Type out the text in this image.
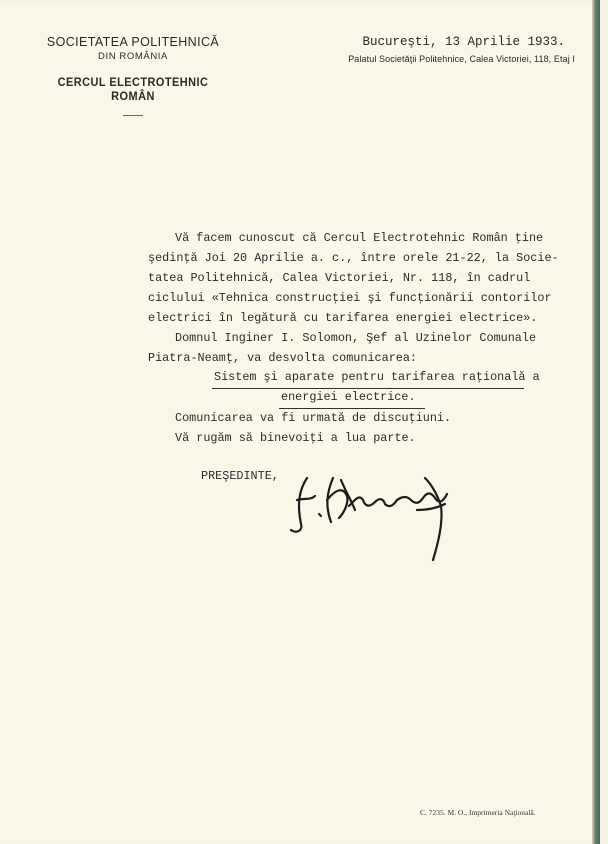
SOCIETATEA POLITEHNICĂ
DIN ROMÂNIA
CERCUL ELECTROTEHNIC ROMÂN
Bucureşti, 13 Aprilie 1933.
Palatul Societăţii Politehnice, Calea Victoriei, 118, Etaj I
Vă facem cunoscut că Cercul Electrotehnic Român ţine
şedinţă Joi 20 Aprilie a. c., între orele 21-22, la Socie-
tatea Politehnică, Calea Victoriei, Nr. 118, în cadrul
ciclului «Tehnica construcţiei şi funcţionării contorilor
electrici în legătură cu tarifarea energiei electrice».
Domnul Inginer I. Solomon, Şef al Uzinelor Comunale
Piatra-Neamţ, va desvolta comunicarea:
Sistem şi aparate pentru tarifarea raţională a
energiei electrice.
Comunicarea va fi urmată de discuţiuni.
Vă rugăm să binevoiţi a lua parte.
PREŞEDINTE,
C. 7235. M. O., Imprimeria Naţională.
